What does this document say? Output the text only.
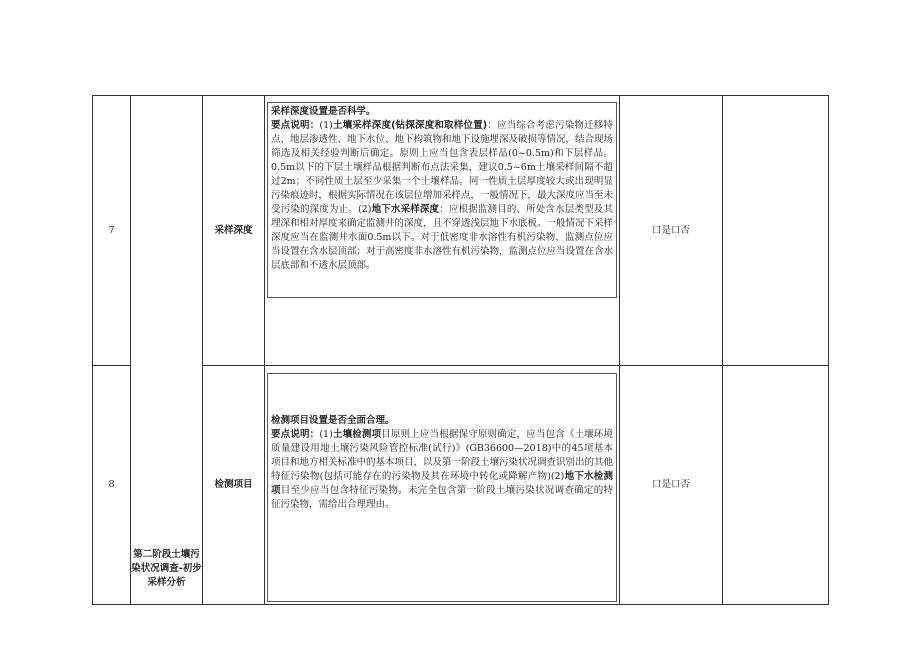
7	第二阶段土壤污染状况调查-初步采样分析	采样深度	采样深度设置是否科学。
要点说明：(1)土壤采样深度(钻探深度和取样位置)：应当综合考虑污染物迁移特点、地层渗透性、地下水位、地下构筑物和地下设施埋深及破损等情况，结合现场筛选及相关经验判断后确定。原则上应当包含表层样品(0~0.5m)和下层样品。0.5m以下的下层土壤样品根据判断布点法采集，建议0.5~6m土壤采样间隔不超过2m；不同性质土层至少采集一个土壤样品。同一性质土层厚度较大或出现明显污染痕迹时，根据实际情况在该层位增加采样点，一般情况下，最大深度应当至未受污染的深度为止。(2)地下水采样深度：应根据监测目的、所处含水层类型及其埋深和相对厚度来确定监测井的深度，且不穿透浅层地下水底板。一般情况下采样深度应当在监测井水面0.5m以下。对于低密度非水溶性有机污染物，监测点位应当设置在含水层顶部；对于高密度非水溶性有机污染物，监测点位应当设置在含水层底部和不透水层顶部。	口是口否	
8		检测项目	检测项目设置是否全面合理。
要点说明：(1)土壤检测项目原则上应当根据保守原则确定，应当包含《土壤环境质量建设用地土壤污染风险管控标准(试行)》(GB36600—2018)中的45项基本项目和地方相关标准中的基本项目，以及第一阶段土壤污染状况调查识别出的其他特征污染物(包括可能存在的污染物及其在环境中转化或降解产物)(2)地下水检测项目至少应当包含特征污染物。未完全包含第一阶段土壤污染状况调查确定的特征污染物，需给出合理理由。	口是口否	
